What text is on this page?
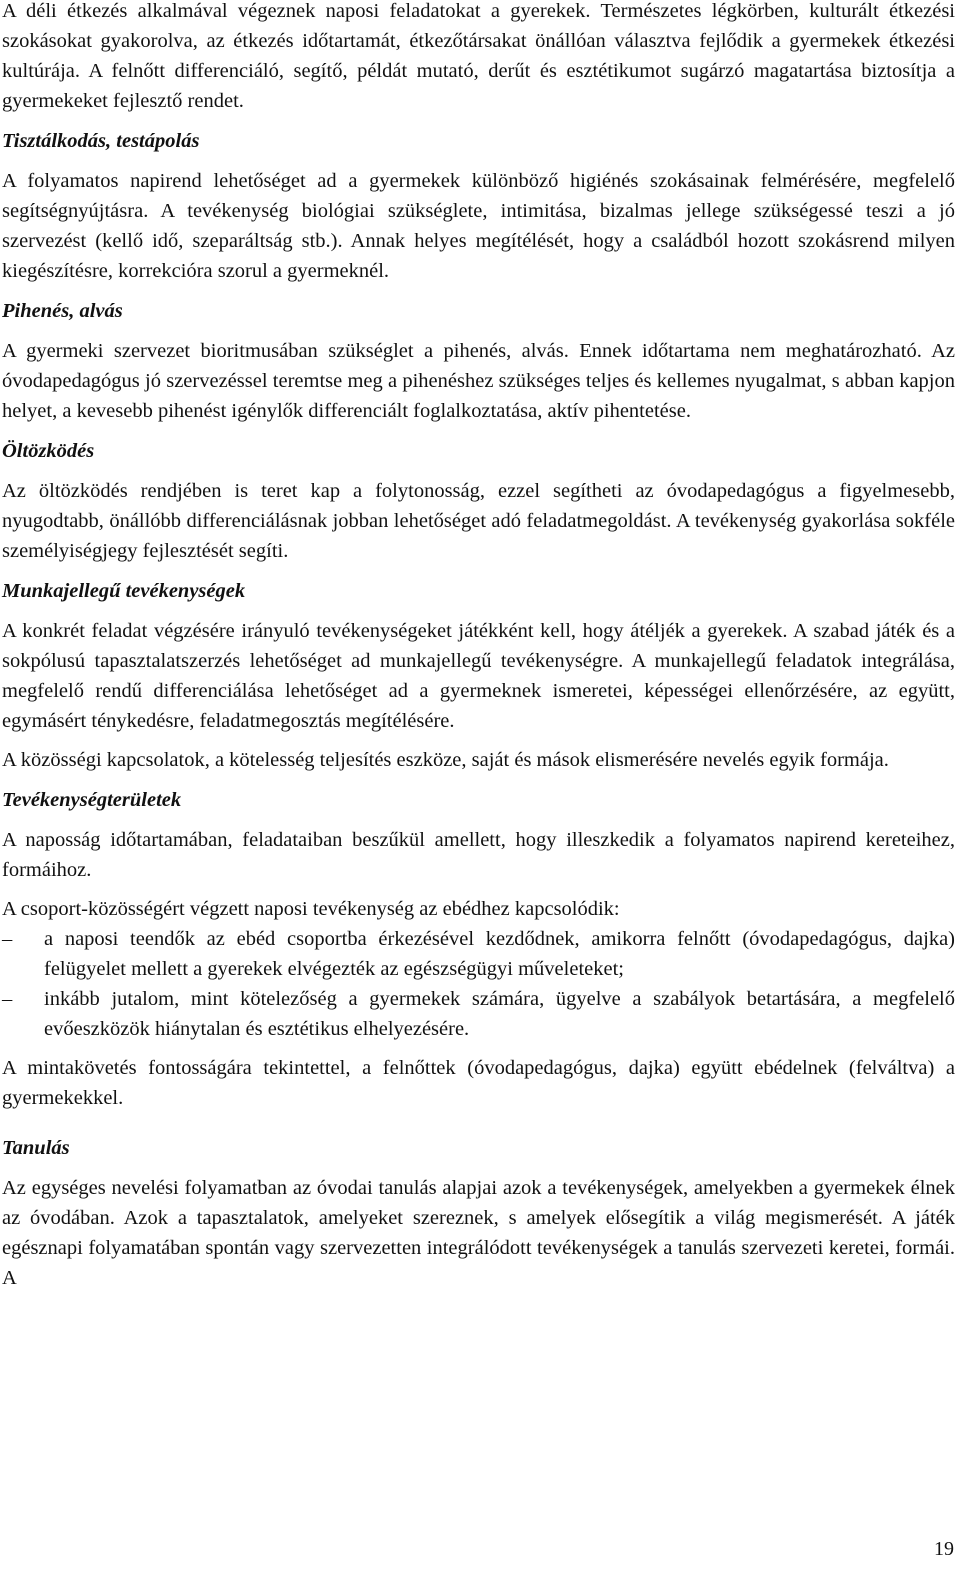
A déli étkezés alkalmával végeznek naposi feladatokat a gyerekek. Természetes légkörben, kulturált étkezési szokásokat gyakorolva, az étkezés időtartamát, étkezőtársakat önállóan választva fejlődik a gyermekek étkezési kultúrája. A felnőtt differenciáló, segítő, példát mutató, derűt és esztétikumot sugárzó magatartása biztosítja a gyermekeket fejlesztő rendet.

Tisztálkodás, testápolás

A folyamatos napirend lehetőséget ad a gyermekek különböző higiénés szokásainak felmérésére, megfelelő segítségnyújtásra. A tevékenység biológiai szükséglete, intimitása, bizalmas jellege szükségessé teszi a jó szervezést (kellő idő, szeparáltság stb.). Annak helyes megítélését, hogy a családból hozott szokásrend milyen kiegészítésre, korrekcióra szorul a gyermeknél.

Pihenés, alvás

A gyermeki szervezet bioritmusában szükséglet a pihenés, alvás. Ennek időtartama nem meghatározható. Az óvodapedagógus jó szervezéssel teremtse meg a pihenéshez szükséges teljes és kellemes nyugalmat, s abban kapjon helyet, a kevesebb pihenést igénylők differenciált foglalkoztatása, aktív pihentetése.

Öltözködés

Az öltözködés rendjében is teret kap a folytonosság, ezzel segítheti az óvodapedagógus a figyelmesebb, nyugodtabb, önállóbb differenciálásnak jobban lehetőséget adó feladatmegoldást. A tevékenység gyakorlása sokféle személyiségjegy fejlesztését segíti.

Munkajellegű tevékenységek

A konkrét feladat végzésére irányuló tevékenységeket játékként kell, hogy átéljék a gyerekek. A szabad játék és a sokpólusú tapasztalatszerzés lehetőséget ad munkajellegű tevékenységre. A munkajellegű feladatok integrálása, megfelelő rendű differenciálása lehetőséget ad a gyermeknek ismeretei, képességei ellenőrzésére, az együtt, egymásért ténykedésre, feladatmegosztás megítélésére.

A közösségi kapcsolatok, a kötelesség teljesítés eszköze, saját és mások elismerésére nevelés egyik formája.

Tevékenységterületek

A naposság időtartamában, feladataiban beszűkül amellett, hogy illeszkedik a folyamatos napirend kereteihez, formáihoz.

A csoport-közösségért végzett naposi tevékenység az ebédhez kapcsolódik:

–	a naposi teendők az ebéd csoportba érkezésével kezdődnek, amikorra felnőtt (óvodapedagógus, dajka) felügyelet mellett a gyerekek elvégezték az egészségügyi műveleteket;
–	inkább jutalom, mint kötelezőség a gyermekek számára, ügyelve a szabályok betartására, a megfelelő evőeszközök hiánytalan és esztétikus elhelyezésére.

A mintakövetés fontosságára tekintettel, a felnőttek (óvodapedagógus, dajka) együtt ebédelnek (felváltva) a gyermekekkel.

Tanulás

Az egységes nevelési folyamatban az óvodai tanulás alapjai azok a tevékenységek, amelyekben a gyermekek élnek az óvodában. Azok a tapasztalatok, amelyeket szereznek, s amelyek elősegítik a világ megismerését. A játék egésznapi folyamatában spontán vagy szervezetten integrálódott tevékenységek a tanulás szervezeti keretei, formái. A

19
